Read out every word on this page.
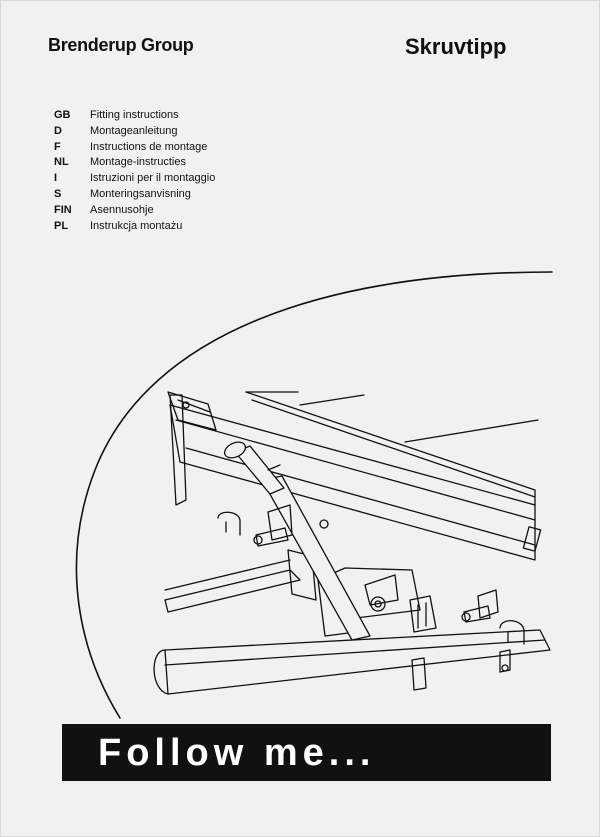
Brenderup Group	Skruvtipp
GB	Fitting instructions
D	Montageanleitung
F	Instructions de montage
NL	Montage-instructies
I	Istruzioni per il montaggio
S	Monteringsanvisning
FIN	Asennusohje
PL	Instrukcja montażu
Follow me...
